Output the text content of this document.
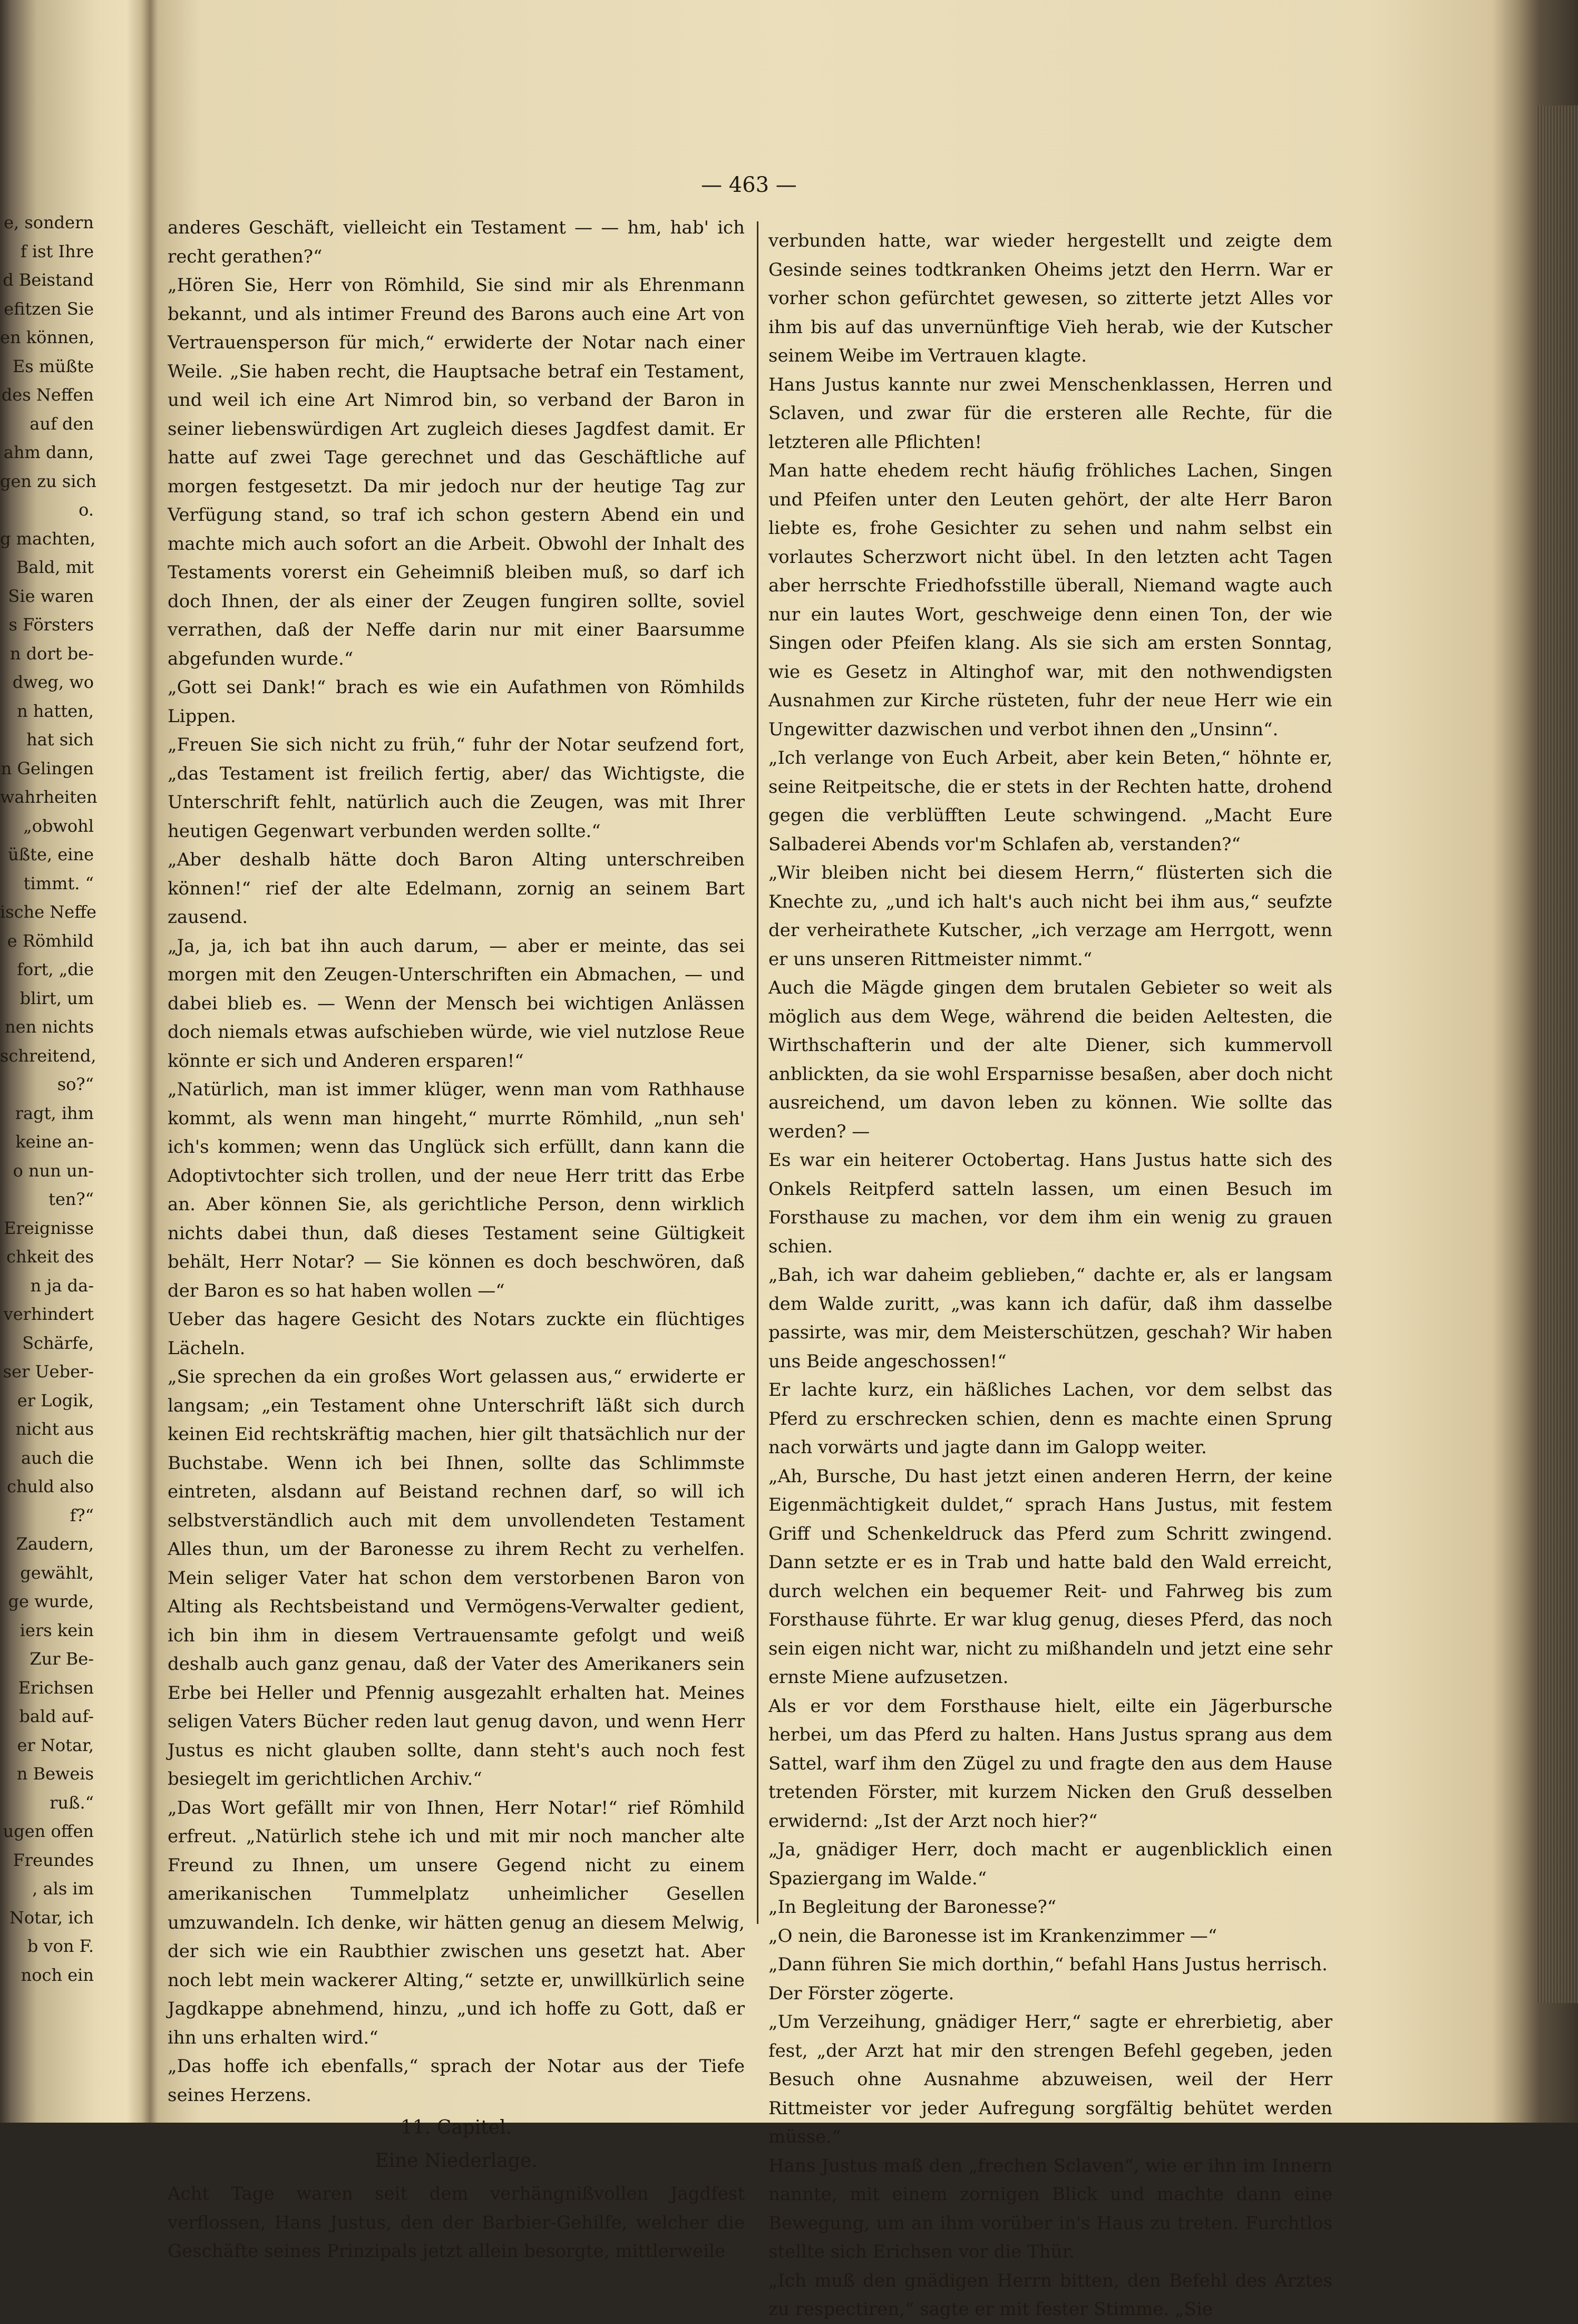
— 463 —
e, sondern
f ist Ihre
d Beistand
efitzen Sie
en können,
Es müßte
des Neffen
auf den
ahm dann,
gen zu sich
o.
g machten,
Bald, mit
Sie waren
s Försters
n dort be-
dweg, wo
n hatten,
hat sich
n Gelingen
wahrheiten
„obwohl
üßte, eine
timmt. “
ische Neffe
e Römhild
fort, „die
blirt, um
nen nichts
schreitend,
so?“
ragt, ihm
keine an-
o nun un-
ten?“
Ereignisse
chkeit des
n ja da-
verhindert
Schärfe,
ser Ueber-
er Logik,
nicht aus
auch die
chuld also
f?“
Zaudern,
gewählt,
ge wurde,
iers kein
Zur Be-
Erichsen
bald auf-
er Notar,
n Beweis
ruß.“
ugen offen
Freundes
, als im
Notar, ich
b von F.
noch ein

anderes Geschäft, vielleicht ein Testament — — hm, hab' ich recht gerathen?“

„Hören Sie, Herr von Römhild, Sie sind mir als Ehrenmann bekannt, und als intimer Freund des Barons auch eine Art von Vertrauensperson für mich,“ erwiderte der Notar nach einer Weile. „Sie haben recht, die Hauptsache betraf ein Testament, und weil ich eine Art Nimrod bin, so verband der Baron in seiner liebenswürdigen Art zugleich dieses Jagdfest damit. Er hatte auf zwei Tage gerechnet und das Geschäftliche auf morgen festgesetzt. Da mir jedoch nur der heutige Tag zur Verfügung stand, so traf ich schon gestern Abend ein und machte mich auch sofort an die Arbeit. Obwohl der Inhalt des Testaments vorerst ein Geheimniß bleiben muß, so darf ich doch Ihnen, der als einer der Zeugen fungiren sollte, soviel verrathen, daß der Neffe darin nur mit einer Baarsumme abgefunden wurde.“

„Gott sei Dank!“ brach es wie ein Aufathmen von Römhilds Lippen.

„Freuen Sie sich nicht zu früh,“ fuhr der Notar seufzend fort, „das Testament ist freilich fertig, aber/ das Wichtigste, die Unterschrift fehlt, natürlich auch die Zeugen, was mit Ihrer heutigen Gegenwart verbunden werden sollte.“

„Aber deshalb hätte doch Baron Alting unterschreiben können!“ rief der alte Edelmann, zornig an seinem Bart zausend.

„Ja, ja, ich bat ihn auch darum, — aber er meinte, das sei morgen mit den Zeugen-Unterschriften ein Abmachen, — und dabei blieb es. — Wenn der Mensch bei wichtigen Anlässen doch niemals etwas aufschieben würde, wie viel nutzlose Reue könnte er sich und Anderen ersparen!“

„Natürlich, man ist immer klüger, wenn man vom Rathhause kommt, als wenn man hingeht,“ murrte Römhild, „nun seh' ich's kommen; wenn das Unglück sich erfüllt, dann kann die Adoptivtochter sich trollen, und der neue Herr tritt das Erbe an. Aber können Sie, als gerichtliche Person, denn wirklich nichts dabei thun, daß dieses Testament seine Gültigkeit behält, Herr Notar? — Sie können es doch beschwören, daß der Baron es so hat haben wollen —“

Ueber das hagere Gesicht des Notars zuckte ein flüchtiges Lächeln.

„Sie sprechen da ein großes Wort gelassen aus,“ erwiderte er langsam; „ein Testament ohne Unterschrift läßt sich durch keinen Eid rechtskräftig machen, hier gilt thatsächlich nur der Buchstabe. Wenn ich bei Ihnen, sollte das Schlimmste eintreten, alsdann auf Beistand rechnen darf, so will ich selbstverständlich auch mit dem unvollendeten Testament Alles thun, um der Baronesse zu ihrem Recht zu verhelfen. Mein seliger Vater hat schon dem verstorbenen Baron von Alting als Rechtsbeistand und Vermögens-Verwalter gedient, ich bin ihm in diesem Vertrauensamte gefolgt und weiß deshalb auch ganz genau, daß der Vater des Amerikaners sein Erbe bei Heller und Pfennig ausgezahlt erhalten hat. Meines seligen Vaters Bücher reden laut genug davon, und wenn Herr Justus es nicht glauben sollte, dann steht's auch noch fest besiegelt im gerichtlichen Archiv.“

„Das Wort gefällt mir von Ihnen, Herr Notar!“ rief Römhild erfreut. „Natürlich stehe ich und mit mir noch mancher alte Freund zu Ihnen, um unsere Gegend nicht zu einem amerikanischen Tummelplatz unheimlicher Gesellen umzuwandeln. Ich denke, wir hätten genug an diesem Melwig, der sich wie ein Raubthier zwischen uns gesetzt hat. Aber noch lebt mein wackerer Alting,“ setzte er, unwillkürlich seine Jagdkappe abnehmend, hinzu, „und ich hoffe zu Gott, daß er ihn uns erhalten wird.“

„Das hoffe ich ebenfalls,“ sprach der Notar aus der Tiefe seines Herzens.

11. Capitel.

Eine Niederlage.

Acht Tage waren seit dem verhängnißvollen Jagdfest verflossen, Hans Justus, den der Barbier-Gehilfe, welcher die Geschäfte seines Prinzipals jetzt allein besorgte, mittlerweile

verbunden hatte, war wieder hergestellt und zeigte dem Gesinde seines todtkranken Oheims jetzt den Herrn. War er vorher schon gefürchtet gewesen, so zitterte jetzt Alles vor ihm bis auf das unvernünftige Vieh herab, wie der Kutscher seinem Weibe im Vertrauen klagte.

Hans Justus kannte nur zwei Menschenklassen, Herren und Sclaven, und zwar für die ersteren alle Rechte, für die letzteren alle Pflichten!

Man hatte ehedem recht häufig fröhliches Lachen, Singen und Pfeifen unter den Leuten gehört, der alte Herr Baron liebte es, frohe Gesichter zu sehen und nahm selbst ein vorlautes Scherzwort nicht übel. In den letzten acht Tagen aber herrschte Friedhofsstille überall, Niemand wagte auch nur ein lautes Wort, geschweige denn einen Ton, der wie Singen oder Pfeifen klang. Als sie sich am ersten Sonntag, wie es Gesetz in Altinghof war, mit den nothwendigsten Ausnahmen zur Kirche rüsteten, fuhr der neue Herr wie ein Ungewitter dazwischen und verbot ihnen den „Unsinn“.

„Ich verlange von Euch Arbeit, aber kein Beten,“ höhnte er, seine Reitpeitsche, die er stets in der Rechten hatte, drohend gegen die verblüfften Leute schwingend. „Macht Eure Salbaderei Abends vor'm Schlafen ab, verstanden?“

„Wir bleiben nicht bei diesem Herrn,“ flüsterten sich die Knechte zu, „und ich halt's auch nicht bei ihm aus,“ seufzte der verheirathete Kutscher, „ich verzage am Herrgott, wenn er uns unseren Rittmeister nimmt.“

Auch die Mägde gingen dem brutalen Gebieter so weit als möglich aus dem Wege, während die beiden Aeltesten, die Wirthschafterin und der alte Diener, sich kummervoll anblickten, da sie wohl Ersparnisse besaßen, aber doch nicht ausreichend, um davon leben zu können. Wie sollte das werden? —

Es war ein heiterer Octobertag. Hans Justus hatte sich des Onkels Reitpferd satteln lassen, um einen Besuch im Forsthause zu machen, vor dem ihm ein wenig zu grauen schien.

„Bah, ich war daheim geblieben,“ dachte er, als er langsam dem Walde zuritt, „was kann ich dafür, daß ihm dasselbe passirte, was mir, dem Meisterschützen, geschah? Wir haben uns Beide angeschossen!“

Er lachte kurz, ein häßliches Lachen, vor dem selbst das Pferd zu erschrecken schien, denn es machte einen Sprung nach vorwärts und jagte dann im Galopp weiter.

„Ah, Bursche, Du hast jetzt einen anderen Herrn, der keine Eigenmächtigkeit duldet,“ sprach Hans Justus, mit festem Griff und Schenkeldruck das Pferd zum Schritt zwingend. Dann setzte er es in Trab und hatte bald den Wald erreicht, durch welchen ein bequemer Reit- und Fahrweg bis zum Forsthause führte. Er war klug genug, dieses Pferd, das noch sein eigen nicht war, nicht zu mißhandeln und jetzt eine sehr ernste Miene aufzusetzen.

Als er vor dem Forsthause hielt, eilte ein Jägerbursche herbei, um das Pferd zu halten. Hans Justus sprang aus dem Sattel, warf ihm den Zügel zu und fragte den aus dem Hause tretenden Förster, mit kurzem Nicken den Gruß desselben erwidernd: „Ist der Arzt noch hier?“

„Ja, gnädiger Herr, doch macht er augenblicklich einen Spaziergang im Walde.“

„In Begleitung der Baronesse?“

„O nein, die Baronesse ist im Krankenzimmer —“

„Dann führen Sie mich dorthin,“ befahl Hans Justus herrisch.

Der Förster zögerte.

„Um Verzeihung, gnädiger Herr,“ sagte er ehrerbietig, aber fest, „der Arzt hat mir den strengen Befehl gegeben, jeden Besuch ohne Ausnahme abzuweisen, weil der Herr Rittmeister vor jeder Aufregung sorgfältig behütet werden müsse.“

Hans Justus maß den „frechen Sclaven“, wie er ihn im Innern nannte, mit einem zornigen Blick und machte dann eine Bewegung, um an ihm vorüber in's Haus zu treten. Furchtlos stellte sich Erichsen vor die Thür.

„Ich muß den gnädigen Herrn bitten, den Befehl des Arztes zu respectiren,“ sagte er mit fester Stimme. „Sie
